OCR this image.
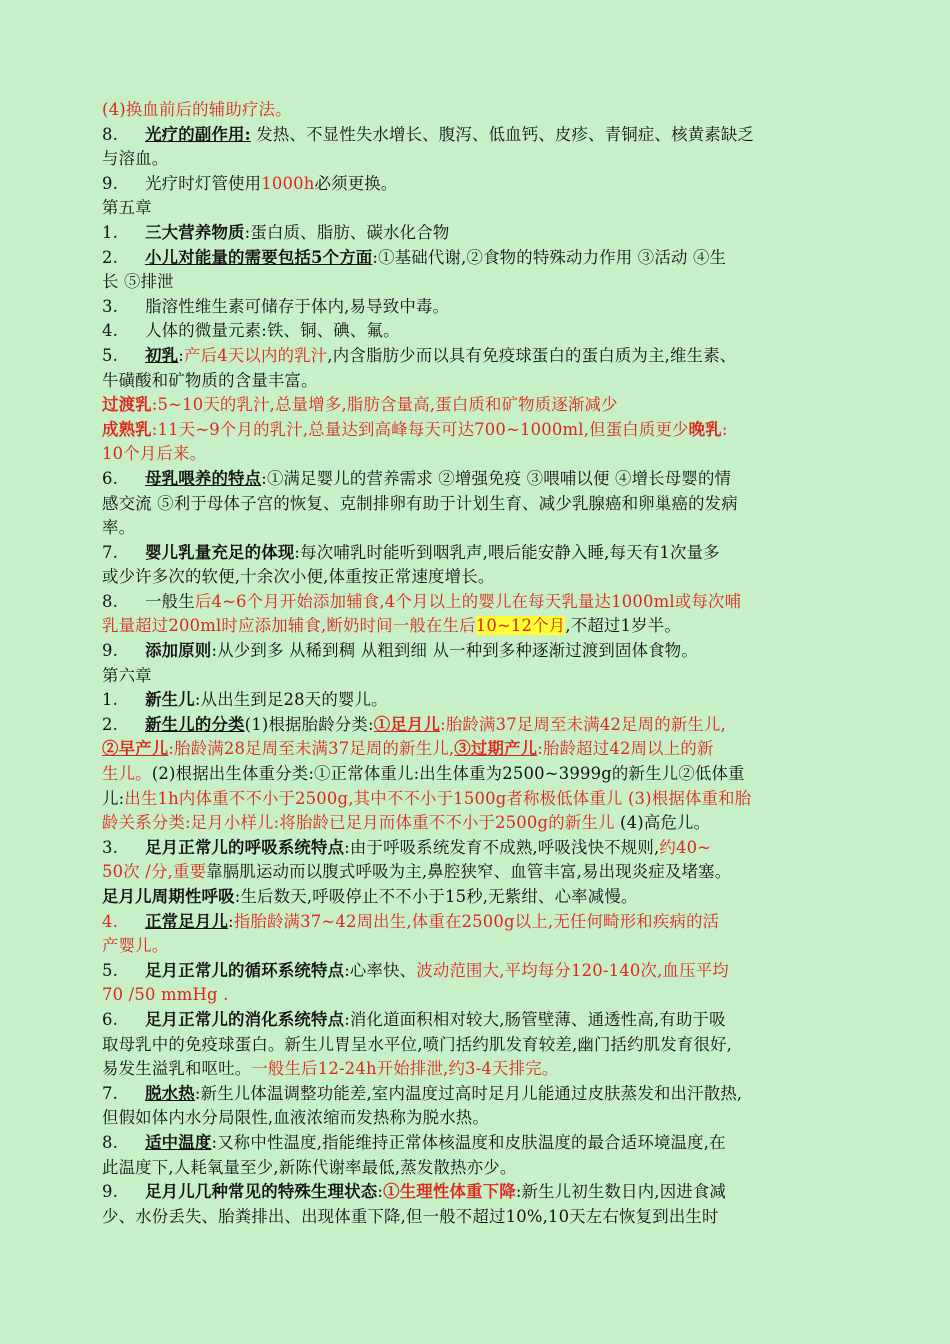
(4)换血前后的辅助疗法。
8.     光疗的副作用: 发热、不显性失水增长、腹泻、低血钙、皮疹、青铜症、核黄素缺乏
与溶血。
9.     光疗时灯管使用1000h必须更换。
第五章
1.     三大营养物质:蛋白质、脂肪、碳水化合物
2.     小儿对能量的需要包括5个方面:①基础代谢,②食物的特殊动力作用 ③活动 ④生
长 ⑤排泄
3.     脂溶性维生素可储存于体内,易导致中毒。
4.     人体的微量元素:铁、铜、碘、氟。
5.     初乳:产后4天以内的乳汁,内含脂肪少而以具有免疫球蛋白的蛋白质为主,维生素、
牛磺酸和矿物质的含量丰富。
过渡乳:5~10天的乳汁,总量增多,脂肪含量高,蛋白质和矿物质逐渐减少
成熟乳:11天~9个月的乳汁,总量达到高峰每天可达700~1000ml,但蛋白质更少晚乳:
10个月后来。
6.     母乳喂养的特点:①满足婴儿的营养需求 ②增强免疫 ③喂哺以便 ④增长母婴的情
感交流 ⑤利于母体子宫的恢复、克制排卵有助于计划生育、减少乳腺癌和卵巢癌的发病
率。
7.     婴儿乳量充足的体现:每次哺乳时能听到咽乳声,喂后能安静入睡,每天有1次量多
或少许多次的软便,十余次小便,体重按正常速度增长。
8.     一般生后4~6个月开始添加辅食,4个月以上的婴儿在每天乳量达1000ml或每次哺
乳量超过200ml时应添加辅食,断奶时间一般在生后10~12个月,不超过1岁半。
9.     添加原则:从少到多 从稀到稠 从粗到细 从一种到多种逐渐过渡到固体食物。
第六章
1.     新生儿:从出生到足28天的婴儿。
2.     新生儿的分类(1)根据胎龄分类:①足月儿:胎龄满37足周至未满42足周的新生儿,
②早产儿:胎龄满28足周至未满37足周的新生儿,③过期产儿:胎龄超过42周以上的新
生儿。(2)根据出生体重分类:①正常体重儿:出生体重为2500~3999g的新生儿②低体重
儿:出生1h内体重不不小于2500g,其中不不小于1500g者称极低体重儿 (3)根据体重和胎
龄关系分类:足月小样儿:将胎龄已足月而体重不不小于2500g的新生儿 (4)高危儿。
3.     足月正常儿的呼吸系统特点:由于呼吸系统发育不成熟,呼吸浅快不规则,约40~
50次 /分,重要靠膈肌运动而以腹式呼吸为主,鼻腔狭窄、血管丰富,易出现炎症及堵塞。
足月儿周期性呼吸:生后数天,呼吸停止不不小于15秒,无紫绀、心率减慢。
4.     正常足月儿:指胎龄满37~42周出生,体重在2500g以上,无任何畸形和疾病的活
产婴儿。
5.     足月正常儿的循环系统特点:心率快、波动范围大,平均每分120-140次,血压平均
70 /50 mmHg .
6.     足月正常儿的消化系统特点:消化道面积相对较大,肠管壁薄、通透性高,有助于吸
取母乳中的免疫球蛋白。新生儿胃呈水平位,喷门括约肌发育较差,幽门括约肌发育很好,
易发生溢乳和呕吐。一般生后12-24h开始排泄,约3-4天排完。
7.     脱水热:新生儿体温调整功能差,室内温度过高时足月儿能通过皮肤蒸发和出汗散热,
但假如体内水分局限性,血液浓缩而发热称为脱水热。
8.     适中温度:又称中性温度,指能维持正常体核温度和皮肤温度的最合适环境温度,在
此温度下,人耗氧量至少,新陈代谢率最低,蒸发散热亦少。
9.     足月儿几种常见的特殊生理状态:①生理性体重下降:新生儿初生数日内,因进食减
少、水份丢失、胎粪排出、出现体重下降,但一般不超过10%,10天左右恢复到出生时
